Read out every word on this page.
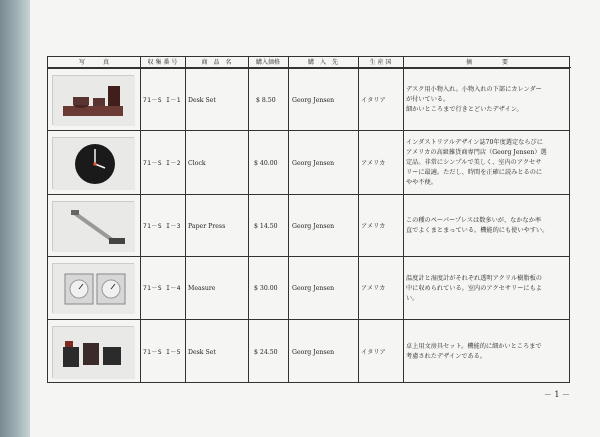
写　　　真	収 集 番 号	商　品　名	購入価格	購　入　先	生 産 国	摘　　　　　要
71－S I－1 Desk Set	$ 8.50	Georg Jensen	イタリア
デスク用小物入れ。小物入れの下部にカレンダー
が付いている。
細かいところまで行きとどいたデザイン。
71－S I－2 Clock	$ 40.00 Georg Jensen	アメリカ
インダストリアルデザイン誌70年度選定ならびに
アメリカの高級雑貨商専門店（Georg Jensen）選
定品。非常にシンプルで美しく、室内のアクセサ
リーに最適。ただし、時間を正確に読みとるのに
やや不便。
71－S I－3 Paper Press	$ 14.50 Georg Jensen	アメリカ
この種のペーパープレスは数多いが、なかなか率
直でよくまとまっている。機能的にも使いやすい。
71－S I－4 Measure	$ 30.00 Georg Jensen	アメリカ
温度計と湿度計がそれぞれ透明アクリル樹脂板の
中に収められている。室内のアクセサリーにもよ
い。
71－S I－5 Desk Set	$ 24.50 Georg Jensen	イタリア
卓上用文房具セット。機能的に細かいところまで
考慮されたデザインである。
－ 1 －
